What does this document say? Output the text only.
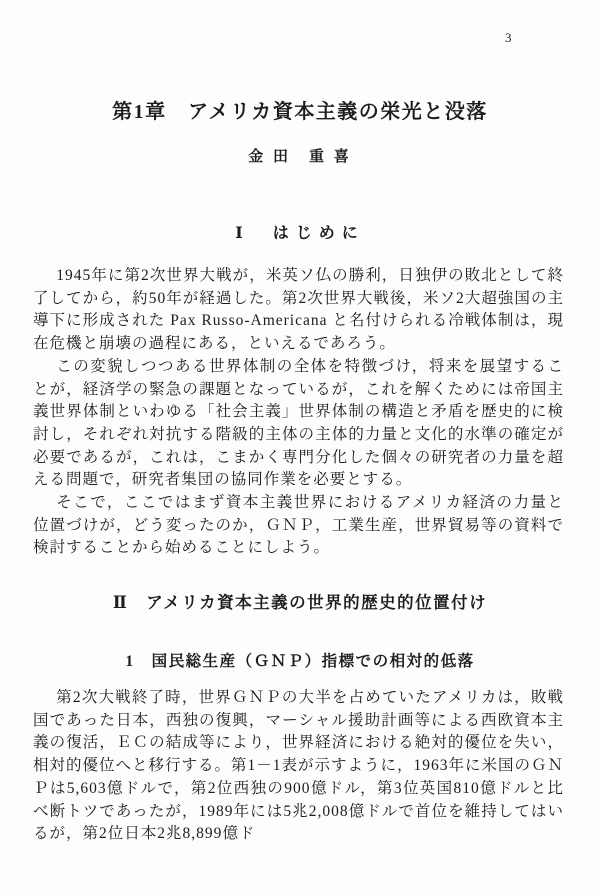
3
第1章　アメリカ資本主義の栄光と没落
金 田　重 喜
Ⅰ　はじめに

1945年に第2次世界大戦が，米英ソ仏の勝利，日独伊の敗北として終了してから，約50年が経過した。第2次世界大戦後，米ソ2大超強国の主導下に形成された Pax Russo-Americana と名付けられる冷戦体制は，現在危機と崩壊の過程にある，といえるであろう。

この変貌しつつある世界体制の全体を特徴づけ，将来を展望することが，経済学の緊急の課題となっているが，これを解くためには帝国主義世界体制といわゆる「社会主義」世界体制の構造と矛盾を歴史的に検討し，それぞれ対抗する階級的主体の主体的力量と文化的水準の確定が必要であるが，これは，こまかく専門分化した個々の研究者の力量を超える問題で，研究者集団の協同作業を必要とする。

そこで，ここではまず資本主義世界におけるアメリカ経済の力量と位置づけが，どう変ったのか，ＧＮＰ，工業生産，世界貿易等の資料で検討することから始めることにしよう。

Ⅱ　アメリカ資本主義の世界的歴史的位置付け
1　国民総生産（ＧＮＰ）指標での相対的低落

第2次大戦終了時，世界ＧＮＰの大半を占めていたアメリカは，敗戦国であった日本，西独の復興，マーシャル援助計画等による西欧資本主義の復活，ＥＣの結成等により，世界経済における絶対的優位を失い，相対的優位へと移行する。第1－1表が示すように，1963年に米国のＧＮＰは5,603億ドルで，第2位西独の900億ドル，第3位英国810億ドルと比べ断トツであったが，1989年には5兆2,008億ドルで首位を維持してはいるが，第2位日本2兆8,899億ド
